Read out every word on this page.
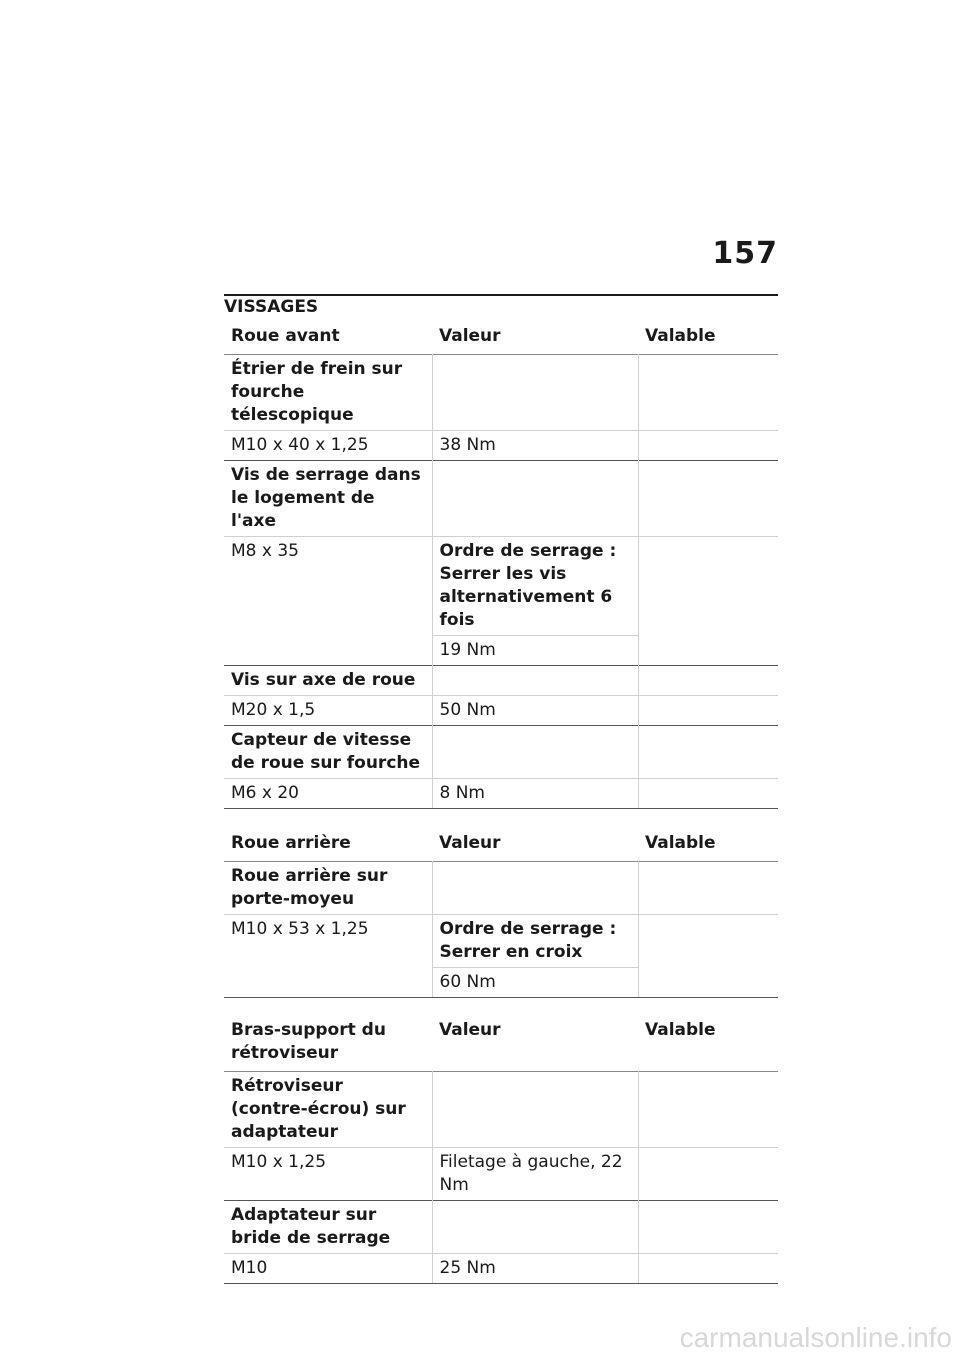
157
VISSAGES
Roue avant	Valeur	Valable
Étrier de frein sur fourche télescopique		
M10 x 40 x 1,25	38 Nm	
Vis de serrage dans le logement de l'axe		
M8 x 35	Ordre de serrage : Serrer les vis alternativement 6 fois	
	19 Nm	
Vis sur axe de roue		
M20 x 1,5	50 Nm	
Capteur de vitesse de roue sur fourche		
M6 x 20	8 Nm	
Roue arrière	Valeur	Valable
Roue arrière sur porte-moyeu		
M10 x 53 x 1,25	Ordre de serrage : Serrer en croix	
	60 Nm	
Bras-support du rétroviseur	Valeur	Valable
Rétroviseur (contre-écrou) sur adaptateur		
M10 x 1,25	Filetage à gauche, 22 Nm	
Adaptateur sur bride de serrage		
M10	25 Nm	
carmanualsonline.info
